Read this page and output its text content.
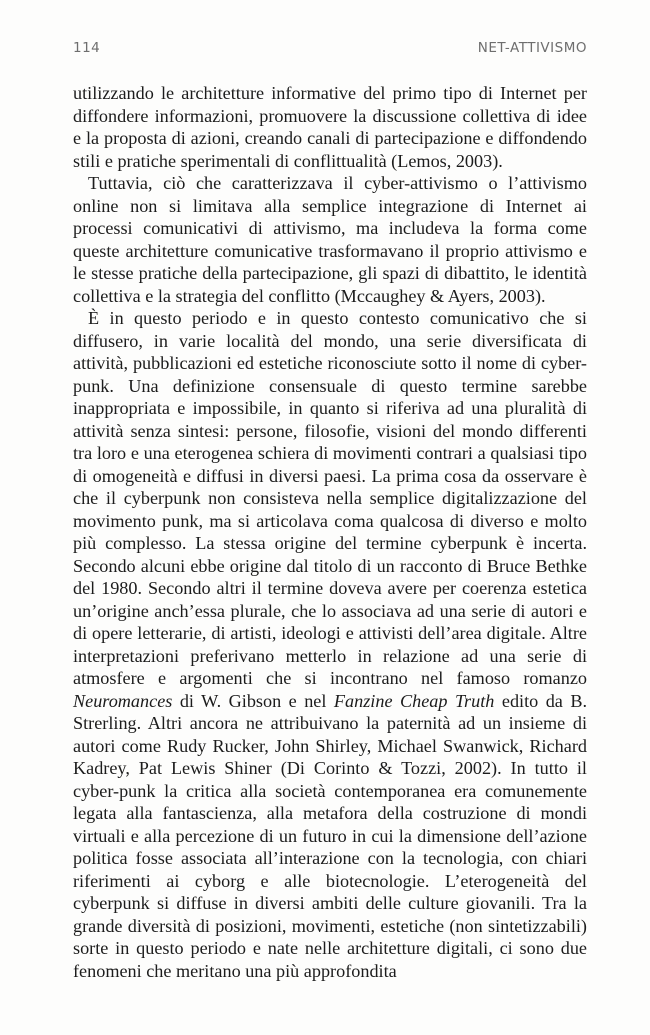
114	NET-ATTIVISMO

utilizzando le architetture informative del primo tipo di Internet per diffondere informazioni, promuovere la discussione collettiva di idee e la proposta di azioni, creando canali di partecipazione e diffondendo stili e pratiche sperimentali di conflittualità (Lemos, 2003).

Tuttavia, ciò che caratterizzava il cyber-attivismo o l’attivismo online non si limitava alla semplice integrazione di Internet ai processi comunicativi di attivismo, ma includeva la forma come queste architetture comunicative trasformavano il proprio attivismo e le stesse pratiche della partecipazione, gli spazi di dibattito, le identità collettiva e la strategia del conflitto (Mccaughey & Ayers, 2003).

È in questo periodo e in questo contesto comunicativo che si diffusero, in varie località del mondo, una serie diversificata di attività, pubblicazioni ed estetiche riconosciute sotto il nome di cyber-punk. Una definizione consensuale di questo termine sarebbe inappropriata e impossibile, in quanto si riferiva ad una pluralità di attività senza sintesi: persone, filosofie, visioni del mondo differenti tra loro e una eterogenea schiera di movimenti contrari a qualsiasi tipo di omogeneità e diffusi in diversi paesi. La prima cosa da osservare è che il cyberpunk non consisteva nella semplice digitalizzazione del movimento punk, ma si articolava coma qualcosa di diverso e molto più complesso. La stessa origine del termine cyberpunk è incerta. Secondo alcuni ebbe origine dal titolo di un racconto di Bruce Bethke del 1980. Secondo altri il termine doveva avere per coerenza estetica un’origine anch’essa plurale, che lo associava ad una serie di autori e di opere letterarie, di artisti, ideologi e attivisti dell’area digitale. Altre interpretazioni preferivano metterlo in relazione ad una serie di atmosfere e argomenti che si incontrano nel famoso romanzo Neuromances di W. Gibson e nel Fanzine Cheap Truth edito da B. Strerling. Altri ancora ne attribuivano la paternità ad un insieme di autori come Rudy Rucker, John Shirley, Michael Swanwick, Richard Kadrey, Pat Lewis Shiner (Di Corinto & Tozzi, 2002). In tutto il cyber-punk la critica alla società contemporanea era comunemente legata alla fantascienza, alla metafora della costruzione di mondi virtuali e alla percezione di un futuro in cui la dimensione dell’azione politica fosse associata all’interazione con la tecnologia, con chiari riferimenti ai cyborg e alle biotecnologie. L’eterogeneità del cyberpunk si diffuse in diversi ambiti delle culture giovanili. Tra la grande diversità di posizioni, movimenti, estetiche (non sintetizzabili) sorte in questo periodo e nate nelle architetture digitali, ci sono due fenomeni che meritano una più approfondita
